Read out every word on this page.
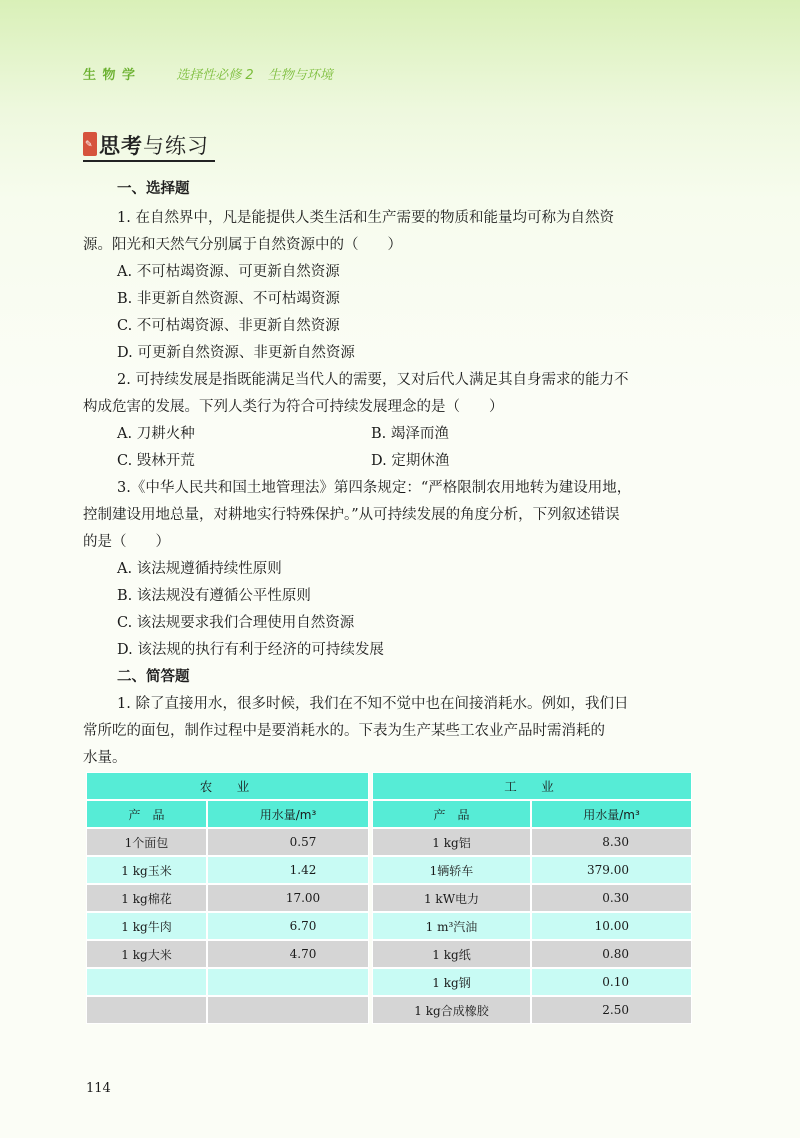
生 物 学	选择性必修 2 生物与环境
✎ 思考与练习
一、选择题
1. 在自然界中，凡是能提供人类生活和生产需要的物质和能量均可称为自然资
源。阳光和天然气分别属于自然资源中的（　　）
A. 不可枯竭资源、可更新自然资源
B. 非更新自然资源、不可枯竭资源
C. 不可枯竭资源、非更新自然资源
D. 可更新自然资源、非更新自然资源
2. 可持续发展是指既能满足当代人的需要，又对后代人满足其自身需求的能力不
构成危害的发展。下列人类行为符合可持续发展理念的是（　　）
A. 刀耕火种	B. 竭泽而渔
C. 毁林开荒	D. 定期休渔
3.《中华人民共和国土地管理法》第四条规定：“严格限制农用地转为建设用地，
控制建设用地总量，对耕地实行特殊保护。”从可持续发展的角度分析，下列叙述错误
的是（　　）
A. 该法规遵循持续性原则
B. 该法规没有遵循公平性原则
C. 该法规要求我们合理使用自然资源
D. 该法规的执行有利于经济的可持续发展
二、简答题
1. 除了直接用水，很多时候，我们在不知不觉中也在间接消耗水。例如，我们日
常所吃的面包，制作过程中是要消耗水的。下表为生产某些工农业产品时需消耗的
水量。
农　业			工　业	
产　品	用水量/m³		产　品	用水量/m³
1个面包	0.57		1 kg铝	8.30
1 kg玉米	1.42		1辆轿车	379.00
1 kg棉花	17.00		1 kW电力	0.30
1 kg牛肉	6.70		1 m³汽油	10.00
1 kg大米	4.70		1 kg纸	0.80
			1 kg钢	0.10
			1 kg合成橡胶	2.50
114
